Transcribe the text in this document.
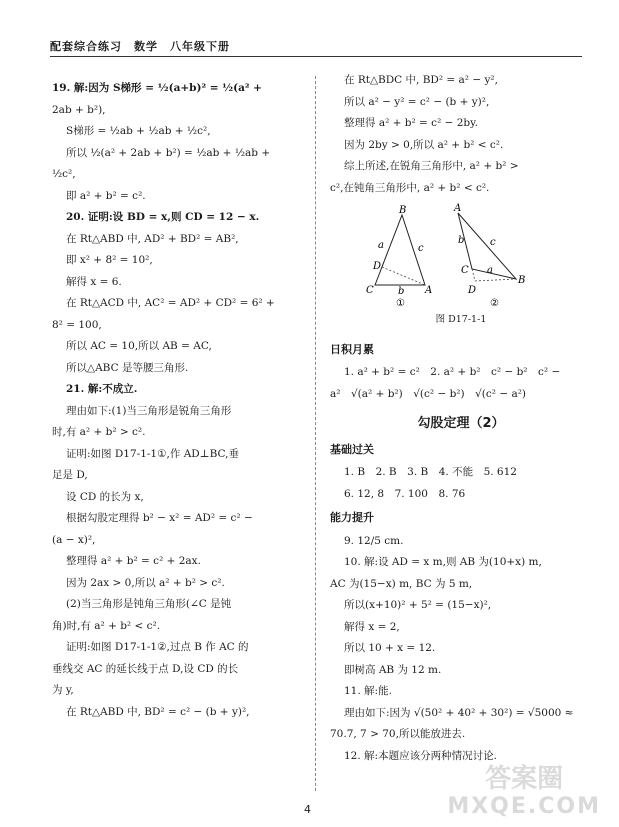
配套综合练习　数学　八年级下册

19. 解:因为 S梯形 = ½(a+b)² = ½(a² +

2ab + b²),

S梯形 = ½ab + ½ab + ½c²,

所以 ½(a² + 2ab + b²) = ½ab + ½ab +

½c²,

即 a² + b² = c².

20. 证明:设 BD = x,则 CD = 12 − x.

在 Rt△ABD 中, AD² + BD² = AB²,

即 x² + 8² = 10²,

解得 x = 6.

在 Rt△ACD 中, AC² = AD² + CD² = 6² +

8² = 100,

所以 AC = 10,所以 AB = AC,

所以△ABC 是等腰三角形.

21. 解:不成立.

理由如下:(1)当三角形是锐角三角形

时,有 a² + b² > c².

证明:如图 D17-1-1①,作 AD⊥BC,垂

足是 D,

设 CD 的长为 x,

根据勾股定理得 b² − x² = AD² = c² −

(a − x)²,

整理得 a² + b² = c² + 2ax.

因为 2ax > 0,所以 a² + b² > c².

(2)当三角形是钝角三角形(∠C 是钝

角)时,有 a² + b² < c².

证明:如图 D17-1-1②,过点 B 作 AC 的

垂线交 AC 的延长线于点 D,设 CD 的长

为 y,

在 Rt△ABD 中, BD² = c² − (b + y)²,

在 Rt△BDC 中, BD² = a² − y²,

所以 a² − y² = c² − (b + y)²,

整理得 a² + b² = c² − 2by.

因为 2by > 0,所以 a² + b² < c².

综上所述,在锐角三角形中, a² + b² >

c²,在钝角三角形中, a² + b² < c².

B
C	A
D
a	c
b
①
A
C
D
B
b	c
a
②

图 D17-1-1

日积月累

1. a² + b² = c²　2. a² + b²　c² − b²　c² −

a²　√(a² + b²)　√(c² − b²)　√(c² − a²)

勾股定理（2）

基础过关

1. B　2. B　3. B　4. 不能　5. 612

6. 12, 8　7. 100　8. 76

能力提升

9. 12/5 cm.

10. 解:设 AD = x m,则 AB 为(10+x) m,

AC 为(15−x) m, BC 为 5 m,

所以(x+10)² + 5² = (15−x)²,

解得 x = 2,

所以 10 + x = 12.

即树高 AB 为 12 m.

11. 解:能.

理由如下:因为 √(50² + 40² + 30²) = √5000 ≈

70.7, 7 > 70,所以能放进去.

12. 解:本题应该分两种情况讨论.

4
答案圈
MXQE.COM
